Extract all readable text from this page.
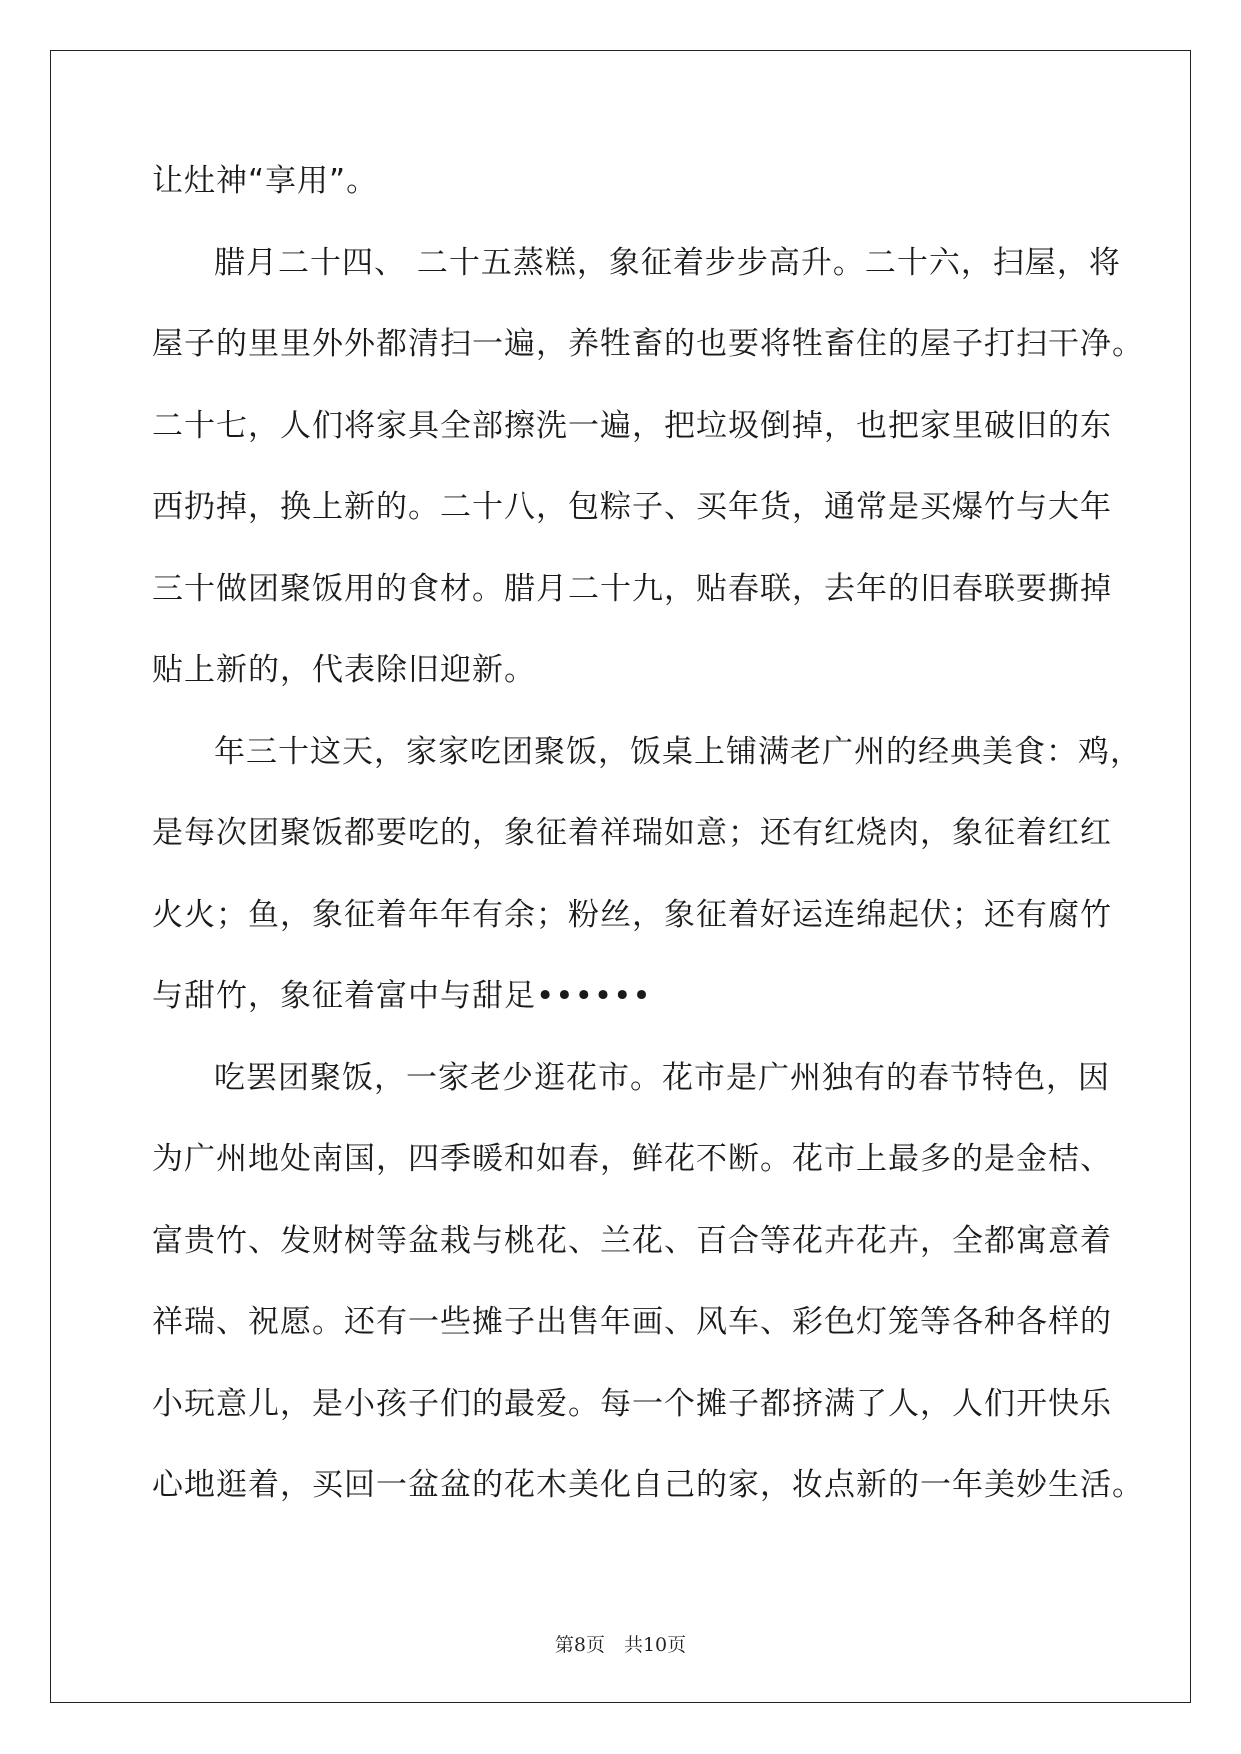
让灶神“享用”。
腊月二十四、 二十五蒸糕，象征着步步高升。二十六，扫屋，将
屋子的里里外外都清扫一遍，养牲畜的也要将牲畜住的屋子打扫干净。
二十七，人们将家具全部擦洗一遍，把垃圾倒掉，也把家里破旧的东
西扔掉，换上新的。二十八，包粽子、买年货，通常是买爆竹与大年
三十做团聚饭用的食材。腊月二十九，贴春联，去年的旧春联要撕掉
贴上新的，代表除旧迎新。
年三十这天，家家吃团聚饭，饭桌上铺满老广州的经典美食：鸡，
是每次团聚饭都要吃的，象征着祥瑞如意；还有红烧肉，象征着红红
火火；鱼，象征着年年有余；粉丝，象征着好运连绵起伏；还有腐竹
与甜竹，象征着富中与甜足••••••
吃罢团聚饭，一家老少逛花市。花市是广州独有的春节特色，因
为广州地处南国，四季暖和如春，鲜花不断。花市上最多的是金桔、
富贵竹、发财树等盆栽与桃花、兰花、百合等花卉花卉，全都寓意着
祥瑞、祝愿。还有一些摊子出售年画、风车、彩色灯笼等各种各样的
小玩意儿，是小孩子们的最爱。每一个摊子都挤满了人，人们开快乐
心地逛着，买回一盆盆的花木美化自己的家，妆点新的一年美妙生活。
第8页　共10页
